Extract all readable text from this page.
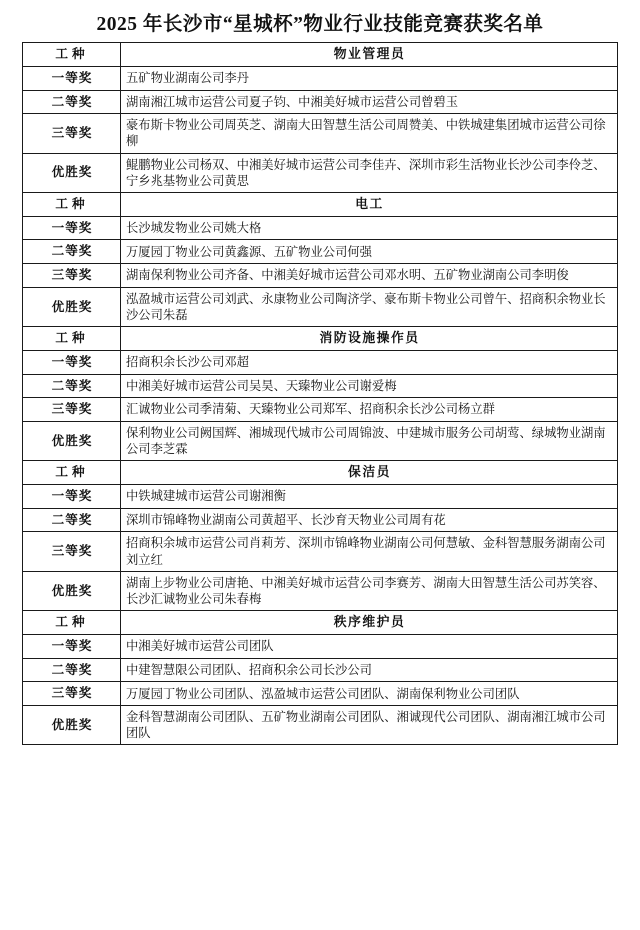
2025 年长沙市“星城杯”物业行业技能竞赛获奖名单
工种	物业管理员
一等奖	五矿物业湖南公司李丹
二等奖	湖南湘江城市运营公司夏子钧、中湘美好城市运营公司曾碧玉
三等奖	豪布斯卡物业公司周英芝、湖南大田智慧生活公司周赞美、中铁城建集团城市运营公司徐柳
优胜奖	鲲鹏物业公司杨双、中湘美好城市运营公司李佳卉、深圳市彩生活物业长沙公司李伶芝、宁乡兆基物业公司黄思
工种	电工
一等奖	长沙城发物业公司姚大格
二等奖	万厦园丁物业公司黄鑫源、五矿物业公司何强
三等奖	湖南保利物业公司齐备、中湘美好城市运营公司邓水明、五矿物业湖南公司李明俊
优胜奖	泓盈城市运营公司刘武、永康物业公司陶济学、豪布斯卡物业公司曾午、招商积余物业长沙公司朱磊
工种	消防设施操作员
一等奖	招商积余长沙公司邓超
二等奖	中湘美好城市运营公司吴昊、天臻物业公司谢爱梅
三等奖	汇诚物业公司季清菊、天臻物业公司郑军、招商积余长沙公司杨立群
优胜奖	保利物业公司阙国辉、湘城现代城市公司周锦波、中建城市服务公司胡莺、绿城物业湖南公司李芝霖
工种	保洁员
一等奖	中铁城建城市运营公司谢湘衡
二等奖	深圳市锦峰物业湖南公司黄超平、长沙育天物业公司周有花
三等奖	招商积余城市运营公司肖莉芳、深圳市锦峰物业湖南公司何慧敏、金科智慧服务湖南公司刘立红
优胜奖	湖南上步物业公司唐艳、中湘美好城市运营公司李赛芳、湖南大田智慧生活公司苏笑容、长沙汇诚物业公司朱春梅
工种	秩序维护员
一等奖	中湘美好城市运营公司团队
二等奖	中建智慧限公司团队、招商积余公司长沙公司
三等奖	万厦园丁物业公司团队、泓盈城市运营公司团队、湖南保利物业公司团队
优胜奖	金科智慧湖南公司团队、五矿物业湖南公司团队、湘诚现代公司团队、湖南湘江城市公司团队
